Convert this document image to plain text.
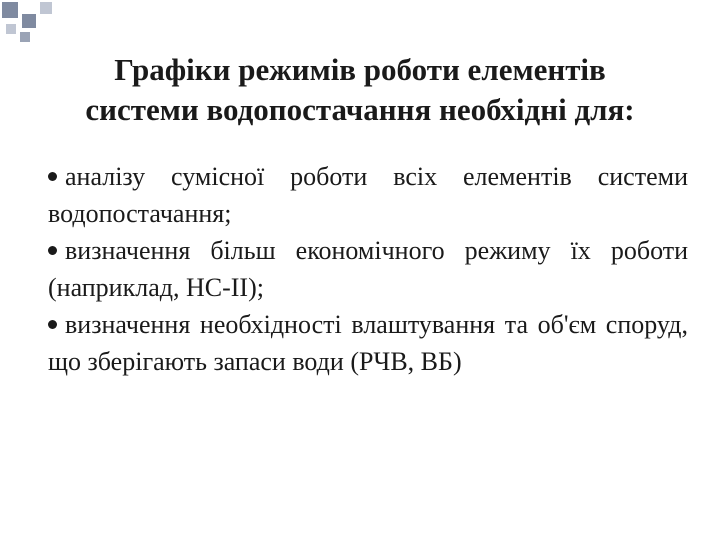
Графіки режимів роботи елементів
системи водопостачання необхідні для:
аналізу сумісної роботи всіх елементів системи водопостачання;
визначення більш економічного режиму їх роботи (наприклад, НС-ІІ);
визначення необхідності влаштування та об'єм споруд, що зберігають запаси води (РЧВ, ВБ)
